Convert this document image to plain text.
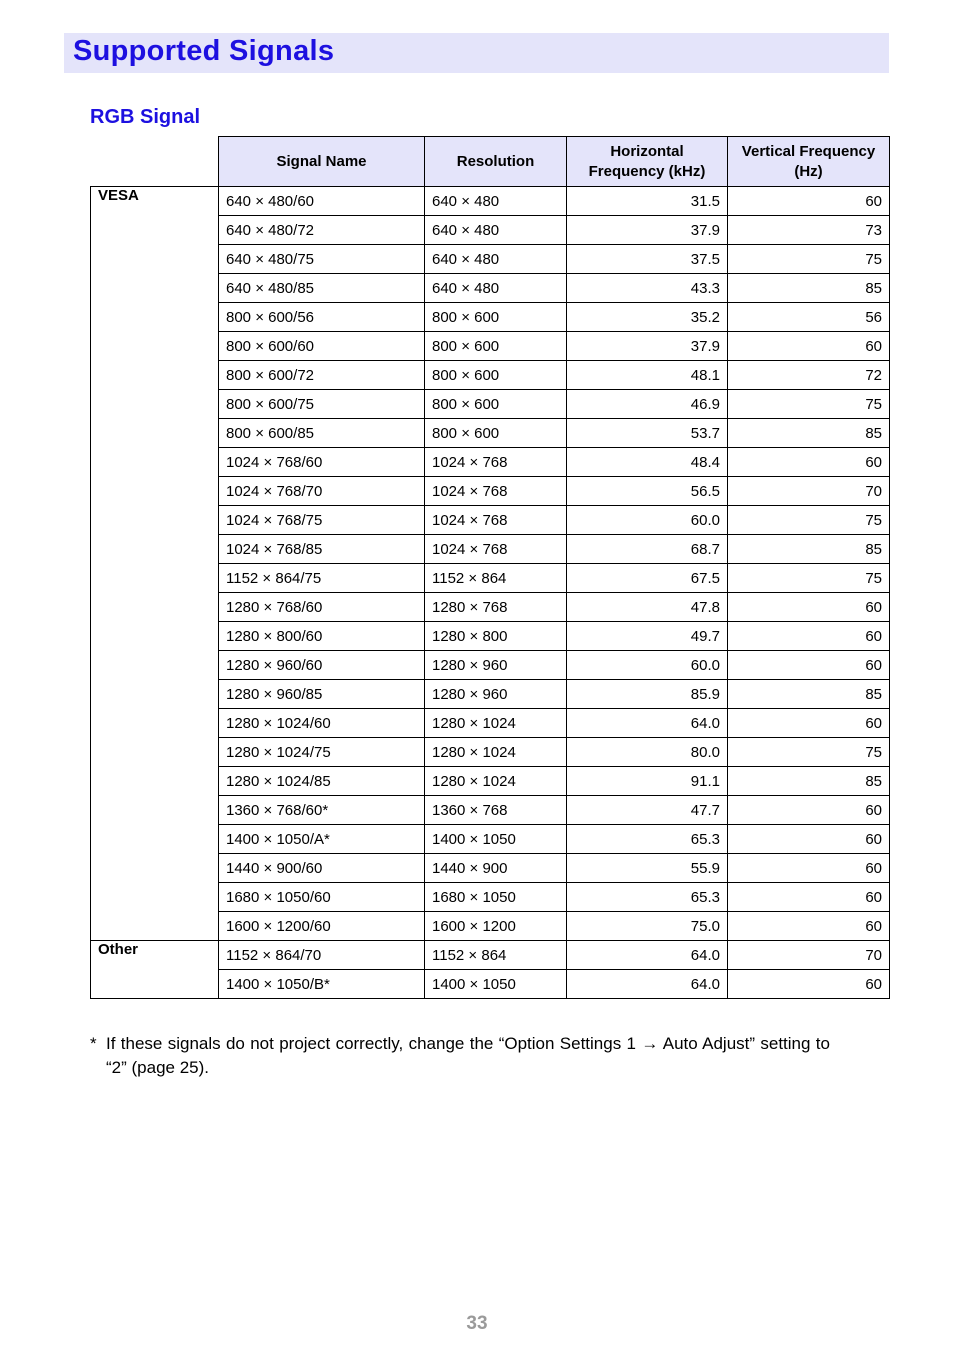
Supported Signals
RGB Signal
	Signal Name	Resolution	Horizontal Frequency (kHz)	Vertical Frequency (Hz)
VESA	640 × 480/60	640 × 480	31.5	60
	640 × 480/72	640 × 480	37.9	73
	640 × 480/75	640 × 480	37.5	75
	640 × 480/85	640 × 480	43.3	85
	800 × 600/56	800 × 600	35.2	56
	800 × 600/60	800 × 600	37.9	60
	800 × 600/72	800 × 600	48.1	72
	800 × 600/75	800 × 600	46.9	75
	800 × 600/85	800 × 600	53.7	85
	1024 × 768/60	1024 × 768	48.4	60
	1024 × 768/70	1024 × 768	56.5	70
	1024 × 768/75	1024 × 768	60.0	75
	1024 × 768/85	1024 × 768	68.7	85
	1152 × 864/75	1152 × 864	67.5	75
	1280 × 768/60	1280 × 768	47.8	60
	1280 × 800/60	1280 × 800	49.7	60
	1280 × 960/60	1280 × 960	60.0	60
	1280 × 960/85	1280 × 960	85.9	85
	1280 × 1024/60	1280 × 1024	64.0	60
	1280 × 1024/75	1280 × 1024	80.0	75
	1280 × 1024/85	1280 × 1024	91.1	85
	1360 × 768/60*	1360 × 768	47.7	60
	1400 × 1050/A*	1400 × 1050	65.3	60
	1440 × 900/60	1440 × 900	55.9	60
	1680 × 1050/60	1680 × 1050	65.3	60
	1600 × 1200/60	1600 × 1200	75.0	60
Other	1152 × 864/70	1152 × 864	64.0	70
	1400 × 1050/B*	1400 × 1050	64.0	60
* If these signals do not project correctly, change the “Option Settings 1 → Auto Adjust” setting to “2” (page 25).
33
